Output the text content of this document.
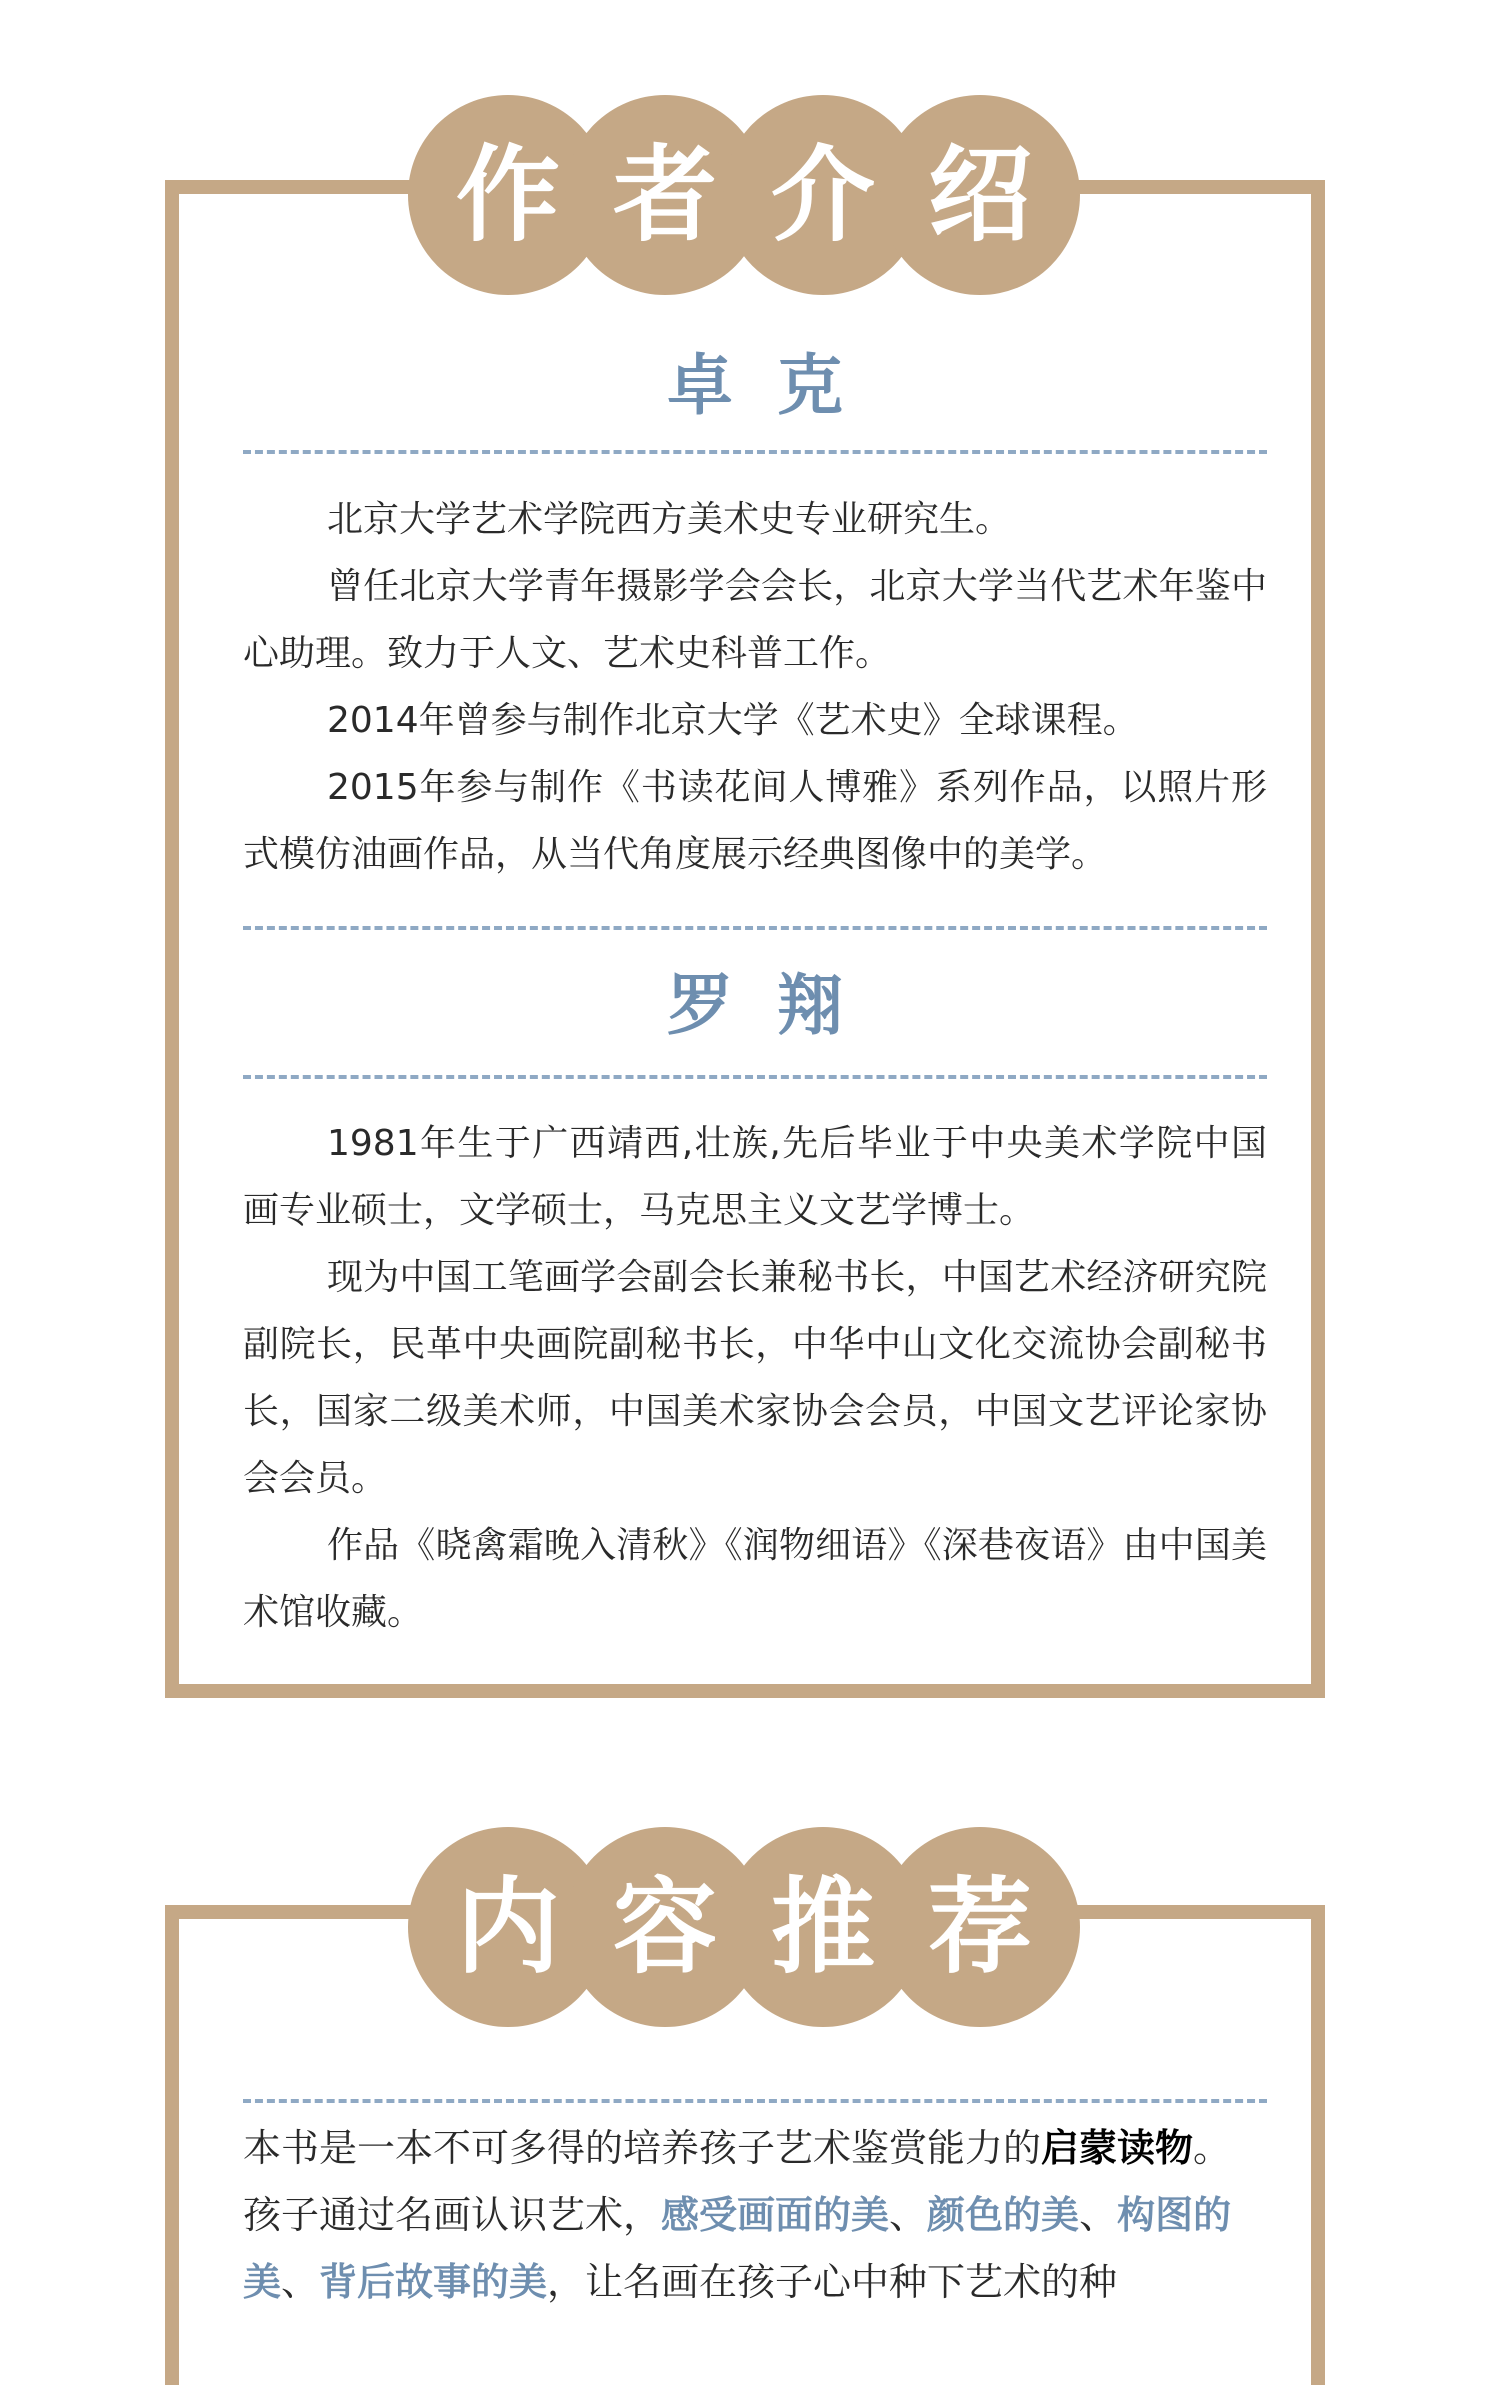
作 者 介 绍
卓克

北京大学艺术学院西方美术史专业研究生。

曾任北京大学青年摄影学会会长，北京大学当代艺术年鉴中心助理。致力于人文、艺术史科普工作。

2014年曾参与制作北京大学《艺术史》全球课程。

2015年参与制作《书读花间人博雅》系列作品，以照片形式模仿油画作品，从当代角度展示经典图像中的美学。

罗翔

1981年生于广西靖西,壮族,先后毕业于中央美术学院中国画专业硕士，文学硕士，马克思主义文艺学博士。

现为中国工笔画学会副会长兼秘书长，中国艺术经济研究院副院长，民革中央画院副秘书长，中华中山文化交流协会副秘书长，国家二级美术师，中国美术家协会会员，中国文艺评论家协会会员。

作品《晓禽霜晚入清秋》《润物细语》《深巷夜语》由中国美术馆收藏。

内 容 推 荐

本书是一本不可多得的培养孩子艺术鉴赏能力的启蒙读物。孩子通过名画认识艺术，感受画面的美、颜色的美、构图的美、背后故事的美，让名画在孩子心中种下艺术的种
